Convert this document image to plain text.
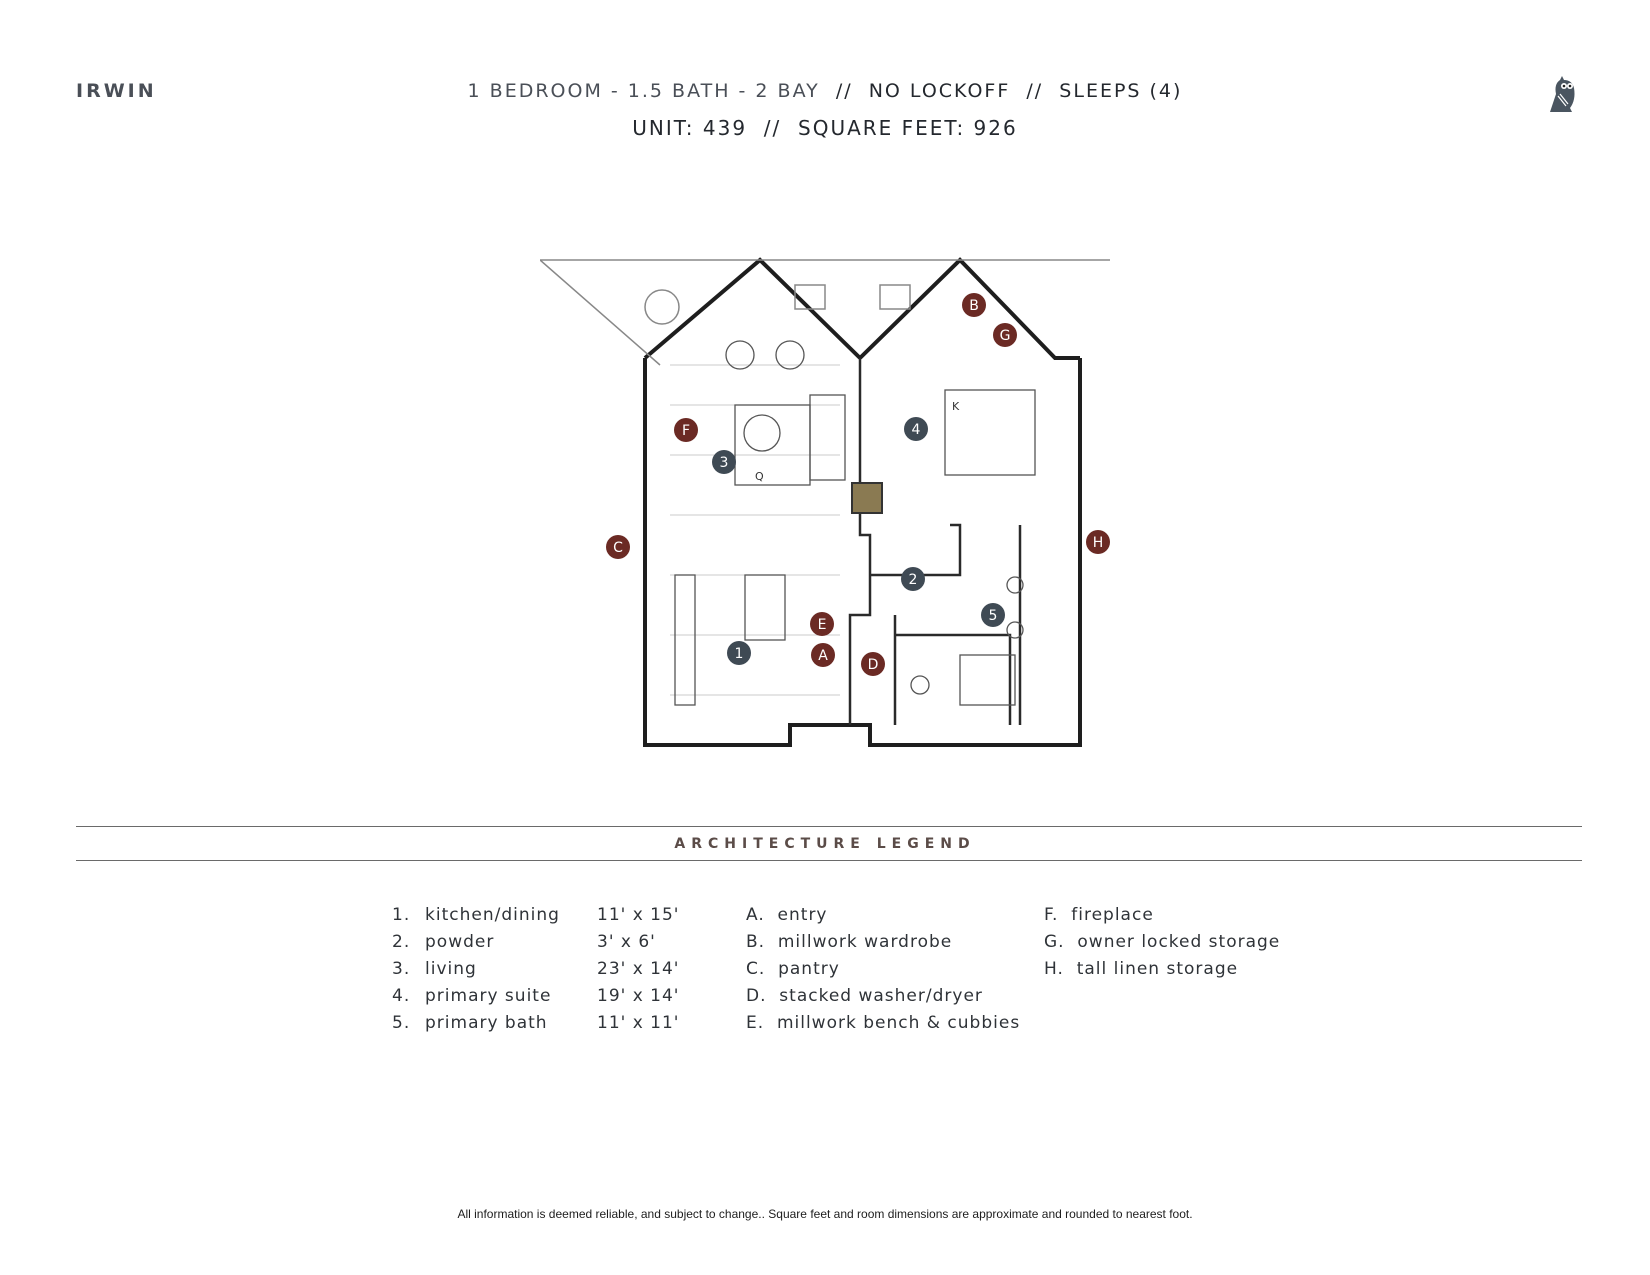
IRWIN	1 BEDROOM - 1.5 BATH - 2 BAY // NO LOCKOFF // SLEEPS (4)
UNIT: 439 // SQUARE FEET: 926
K
Q
1
2
3
4
5
A
B
C
D
E
F
G
H
ARCHITECTURE LEGEND
1. kitchen/dining 11' x 15'
2. powder	3' x 6'
3. living	23' x 14'
4. primary suite	19' x 14'
5. primary bath	11' x 11'
A.  entry
B.  millwork wardrobe
C.  pantry
D.  stacked washer/dryer
E.  millwork bench & cubbies
F.  fireplace
G.  owner locked storage
H.  tall linen storage
All information is deemed reliable, and subject to change.. Square feet and room dimensions are approximate and rounded to nearest foot.
